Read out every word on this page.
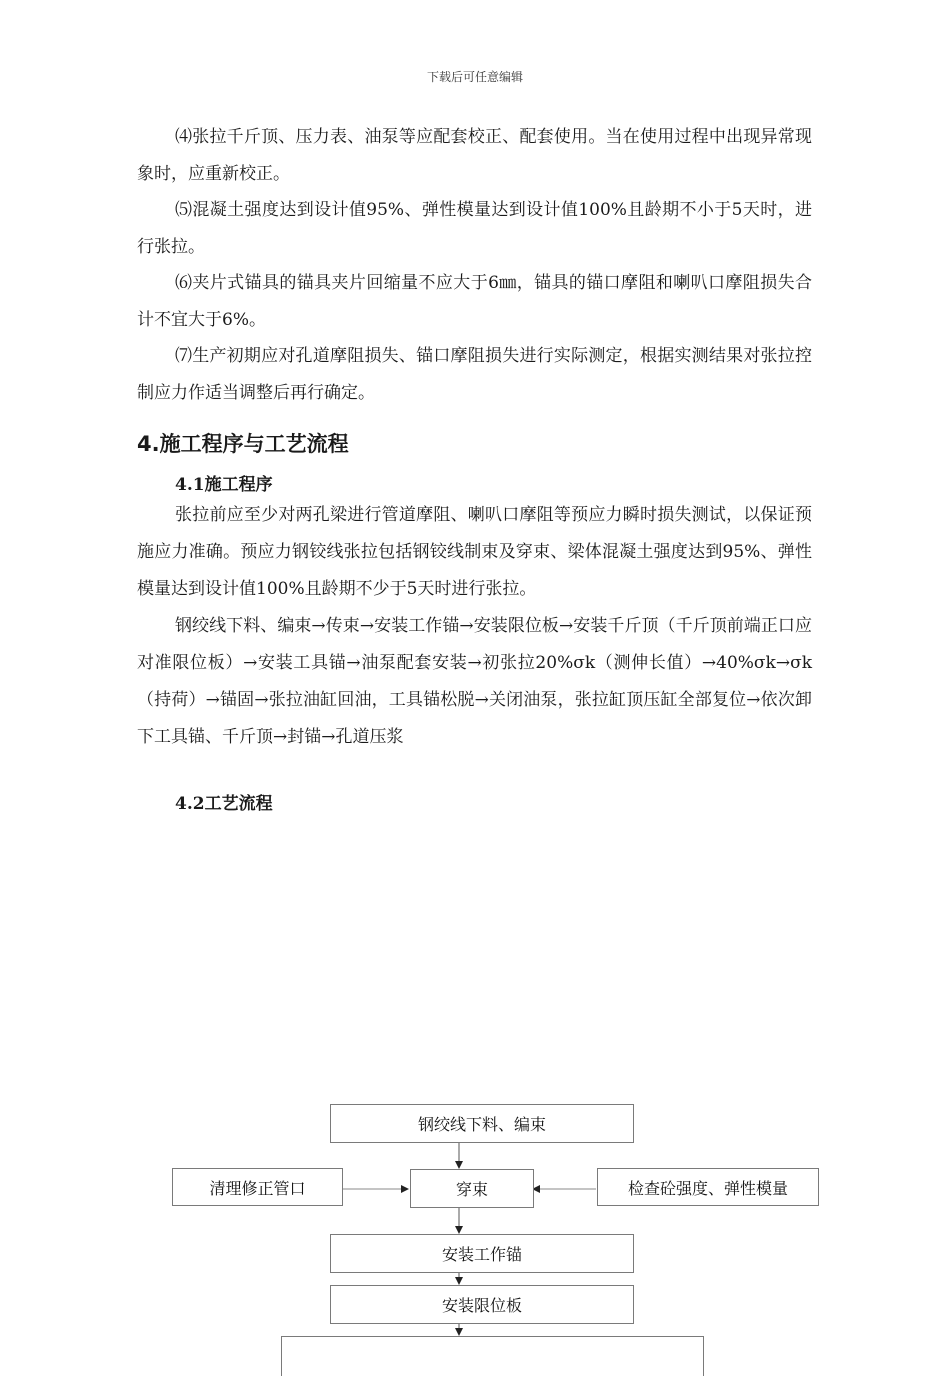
下载后可任意编辑

⑷张拉千斤顶、压力表、油泵等应配套校正、配套使用。当在使用过程中出现异常现象时，应重新校正。

⑸混凝土强度达到设计值95%、弹性模量达到设计值100%且龄期不小于5天时，进行张拉。

⑹夹片式锚具的锚具夹片回缩量不应大于6㎜，锚具的锚口摩阻和喇叭口摩阻损失合计不宜大于6%。

⑺生产初期应对孔道摩阻损失、锚口摩阻损失进行实际测定，根据实测结果对张拉控制应力作适当调整后再行确定。

4.施工程序与工艺流程
4.1施工程序

张拉前应至少对两孔梁进行管道摩阻、喇叭口摩阻等预应力瞬时损失测试，以保证预施应力准确。预应力钢铰线张拉包括钢铰线制束及穿束、梁体混凝土强度达到95%、弹性模量达到设计值100%且龄期不少于5天时进行张拉。

钢绞线下料、编束→传束→安装工作锚→安装限位板→安装千斤顶（千斤顶前端正口应对准限位板）→安装工具锚→油泵配套安装→初张拉20%σk（测伸长值）→40%σk→σk（持荷）→锚固→张拉油缸回油，工具锚松脱→关闭油泵，张拉缸顶压缸全部复位→依次卸下工具锚、千斤顶→封锚→孔道压浆

4.2工艺流程
钢绞线下料、编束
清理修正管口	穿束	检查砼强度、弹性模量
安装工作锚
安装限位板
